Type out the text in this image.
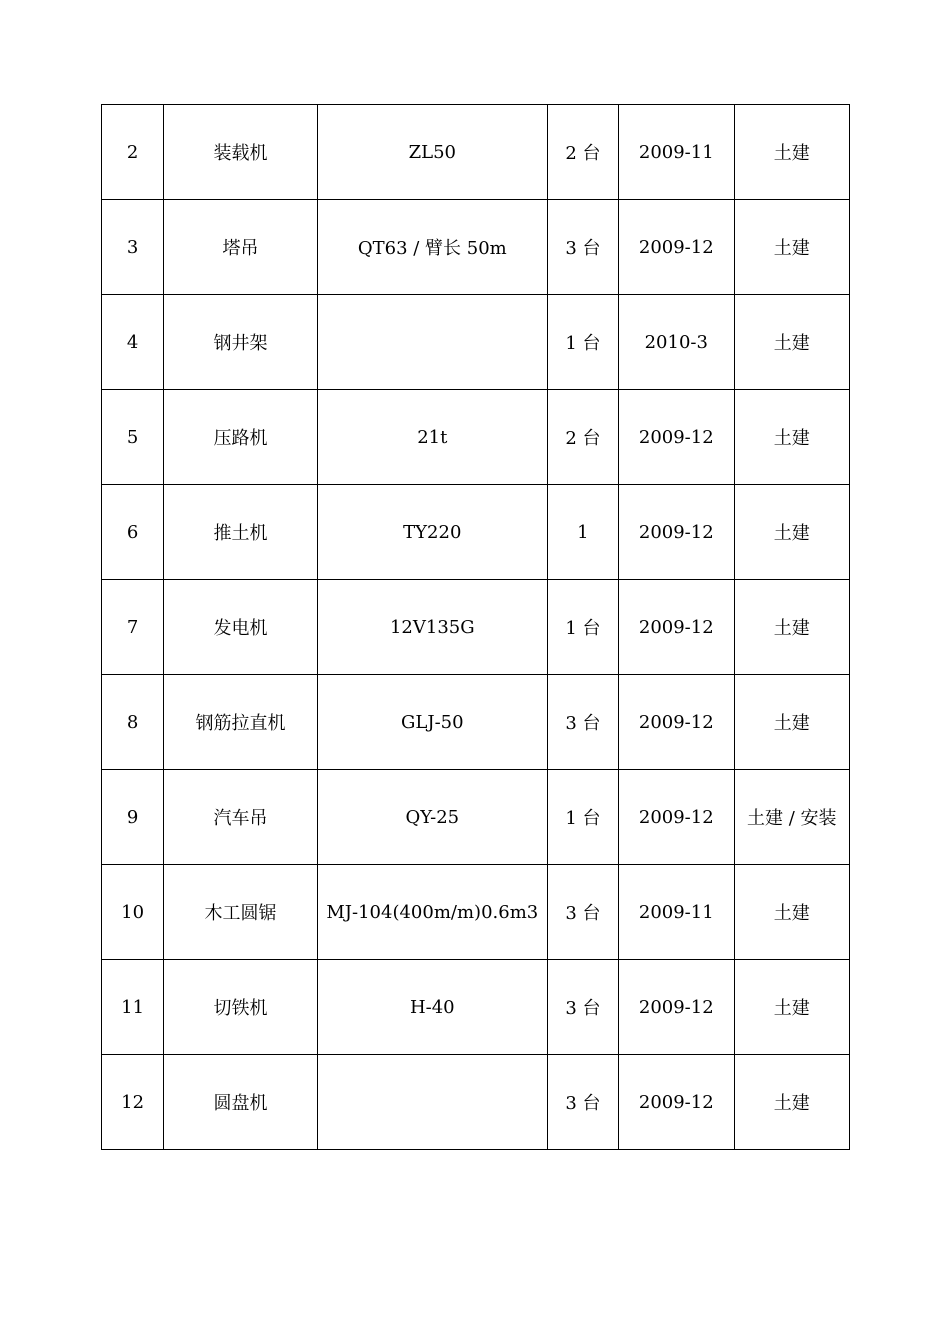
2	装载机	ZL50	2 台	2009-11	土建
3	塔吊	QT63 / 臂长 50m	3 台	2009-12	土建
4	钢井架		1 台	2010-3	土建
5	压路机	21t	2 台	2009-12	土建
6	推土机	TY220	1	2009-12	土建
7	发电机	12V135G	1 台	2009-12	土建
8	钢筋拉直机	GLJ-50	3 台	2009-12	土建
9	汽车吊	QY-25	1 台	2009-12	土建 / 安装
10	木工圆锯	MJ-104(400m/m)0.6m3	3 台	2009-11	土建
11	切铁机	H-40	3 台	2009-12	土建
12	圆盘机		3 台	2009-12	土建
